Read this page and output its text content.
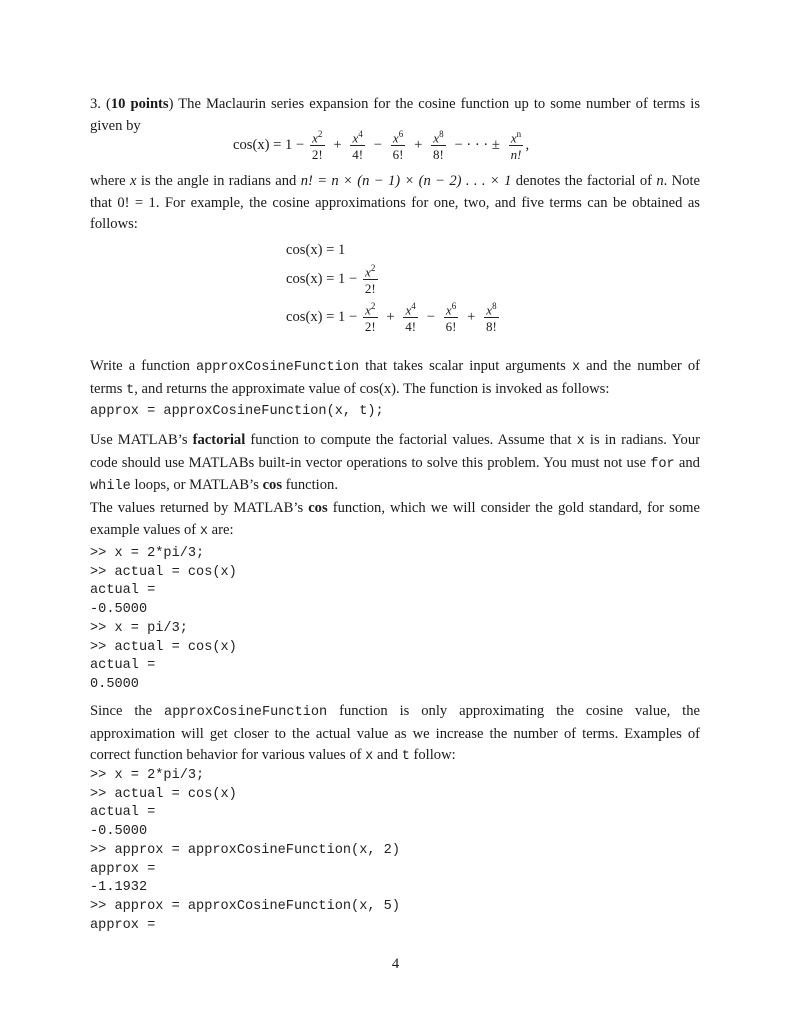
3. (10 points) The Maclaurin series expansion for the cosine function up to some number of terms is given by

$\cos(x) = 1 - \frac{x^2}{2!} + \frac{x^4}{4!} - \frac{x^6}{6!} + \frac{x^8}{8!}$ − · · · ± $\frac{x^n}{n!}$ ,

where x is the angle in radians and n! = n × (n − 1) × (n − 2) . . . × 1 denotes the factorial of n. Note that 0! = 1. For example, the cosine approximations for one, two, and five terms can be obtained as follows:

cos(x) = 1
$\cos(x) = 1 - \frac{x^2}{2!}$
$\cos(x) = 1 - \frac{x^2}{2!} + \frac{x^4}{4!} - \frac{x^6}{6!} + \frac{x^8}{8!}$

Write a function approxCosineFunction that takes scalar input arguments x and the number of terms t, and returns the approximate value of cos(x). The function is invoked as follows:

approx = approxCosineFunction(x, t);

Use MATLAB’s factorial function to compute the factorial values. Assume that x is in radians. Your code should use MATLABs built-in vector operations to solve this problem. You must not use for and while loops, or MATLAB’s cos function.

The values returned by MATLAB’s cos function, which we will consider the gold standard, for some example values of x are:

>> x = 2*pi/3;
>> actual = cos(x)
actual =
-0.5000
>> x = pi/3;
>> actual = cos(x)
actual =
0.5000

Since the approxCosineFunction function is only approximating the cosine value, the approximation will get closer to the actual value as we increase the number of terms. Examples of correct function behavior for various values of x and t follow:

>> x = 2*pi/3;
>> actual = cos(x)
actual =
-0.5000
>> approx = approxCosineFunction(x, 2)
approx =
-1.1932
>> approx = approxCosineFunction(x, 5)
approx =
4
